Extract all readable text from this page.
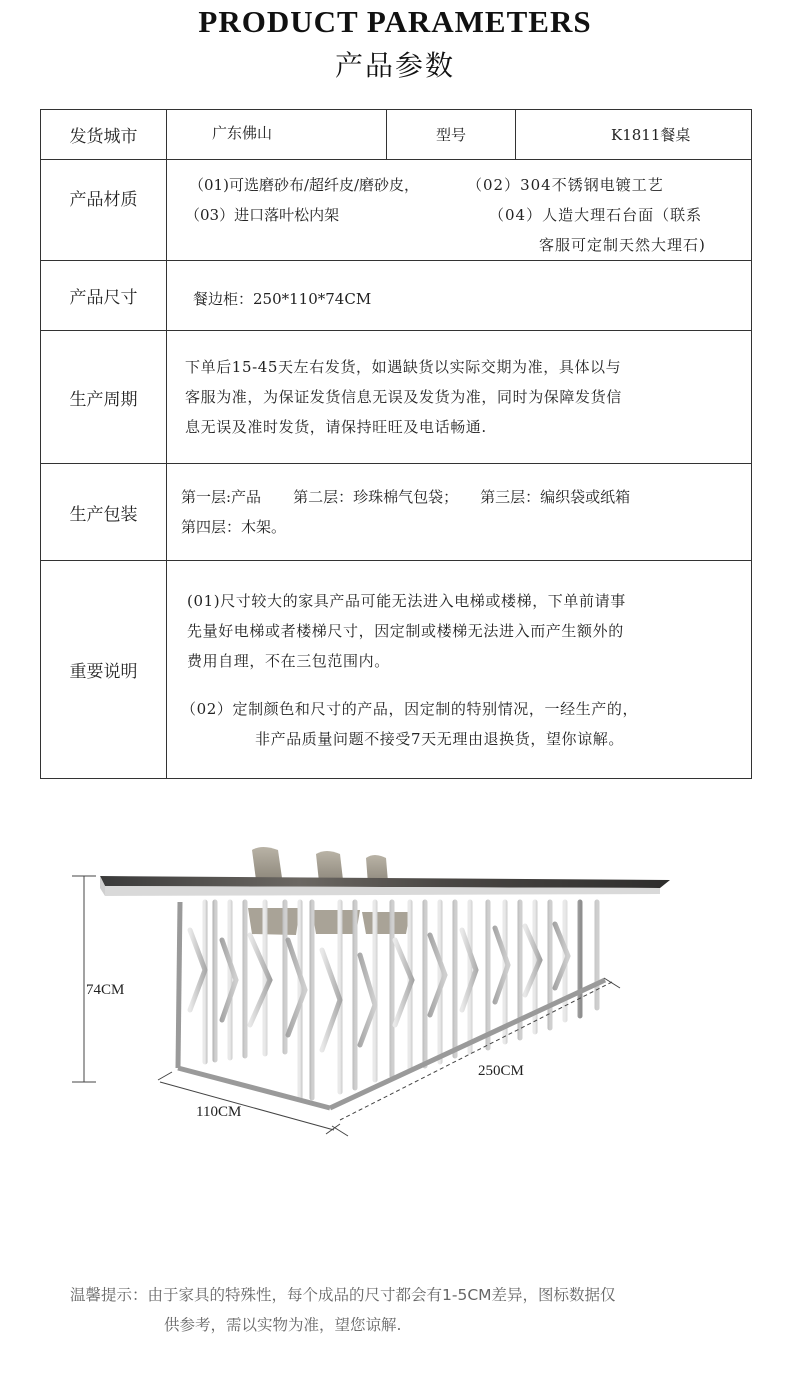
PRODUCT PARAMETERS
产品参数
发货城市	广东佛山	型号	K1811餐桌
产品材质	（01)可选磨砂布/超纤皮/磨砂皮， （02）304不锈钢电镀工艺
（03）进口落叶松内架 （04）人造大理石台面（联系
客服可定制天然大理石)		

产品尺寸	餐边柜：250*110*74CM		
生产周期	下单后15-45天左右发货，如遇缺货以实际交期为准，具体以与
客服为准，为保证发货信息无误及发货为准，同时为保障发货信
息无误及准时发货，请保持旺旺及电话畅通.		

生产包装	第一层:产品 第二层：珍珠棉气包袋； 第三层：编织袋或纸箱
第四层：木架。		

重要说明	(01)尺寸较大的家具产品可能无法进入电梯或楼梯，下单前请事
先量好电梯或者楼梯尺寸，因定制或楼梯无法进入而产生额外的
费用自理，不在三包范围内。
（02）定制颜色和尺寸的产品，因定制的特别情况，一经生产的，
非产品质量问题不接受7天无理由退换货，望你谅解。		
74CM
250CM
110CM
温馨提示：由于家具的特殊性，每个成品的尺寸都会有1-5CM差异，图标数据仅
供参考，需以实物为准，望您谅解.
